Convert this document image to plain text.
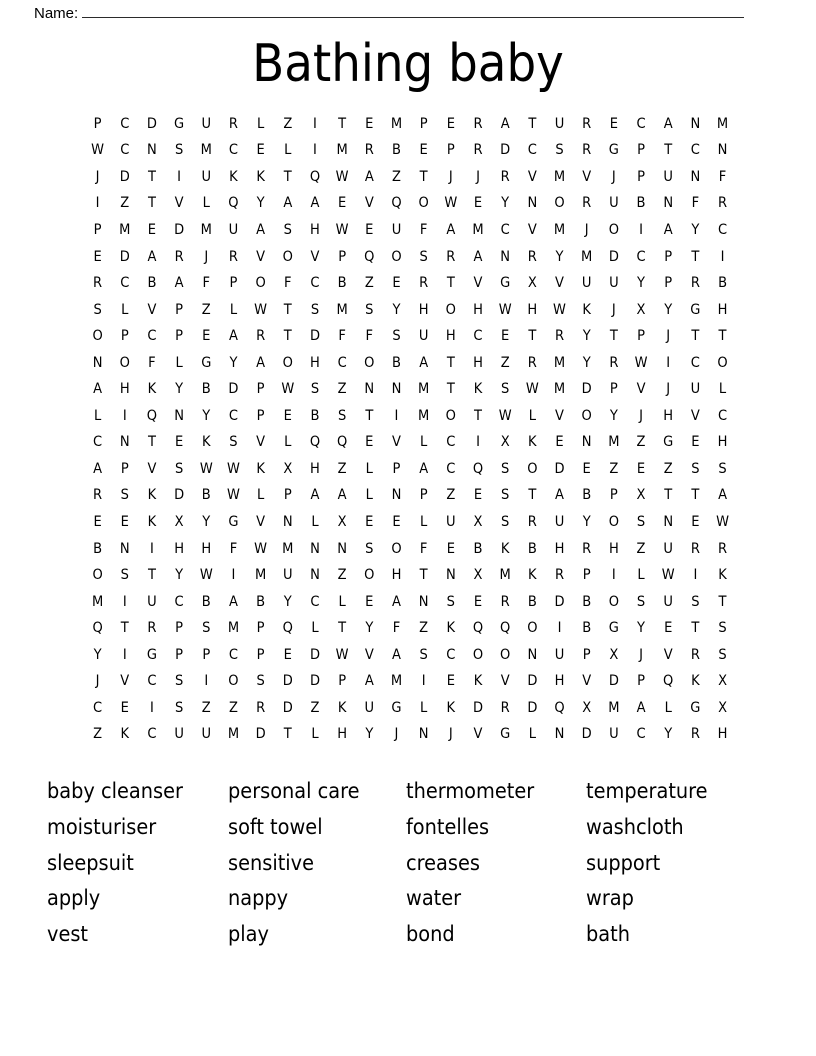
Name:
Bathing baby
P	C	D	G	U	R	L	Z	I	T	E	M	P	E	R	A	T	U	R	E	C	A	N	M
W	C	N	S	M	C	E	L	I	M	R	B	E	P	R	D	C	S	R	G	P	T	C	N
J	D	T	I	U	K	K	T	Q	W	A	Z	T	J	J	R	V	M	V	J	P	U	N	F
I	Z	T	V	L	Q	Y	A	A	E	V	Q	O	W	E	Y	N	O	R	U	B	N	F	R
P	M	E	D	M	U	A	S	H	W	E	U	F	A	M	C	V	M	J	O	I	A	Y	C
E	D	A	R	J	R	V	O	V	P	Q	O	S	R	A	N	R	Y	M	D	C	P	T	I
R	C	B	A	F	P	O	F	C	B	Z	E	R	T	V	G	X	V	U	U	Y	P	R	B
S	L	V	P	Z	L	W	T	S	M	S	Y	H	O	H	W	H	W	K	J	X	Y	G	H
O	P	C	P	E	A	R	T	D	F	F	S	U	H	C	E	T	R	Y	T	P	J	T	T
N	O	F	L	G	Y	A	O	H	C	O	B	A	T	H	Z	R	M	Y	R	W	I	C	O
A	H	K	Y	B	D	P	W	S	Z	N	N	M	T	K	S	W	M	D	P	V	J	U	L
L	I	Q	N	Y	C	P	E	B	S	T	I	M	O	T	W	L	V	O	Y	J	H	V	C
C	N	T	E	K	S	V	L	Q	Q	E	V	L	C	I	X	K	E	N	M	Z	G	E	H
A	P	V	S	W W	K	X	H	Z	L	P	A	C	Q	S	O	D	E	Z	E	Z	S	S
R	S	K	D	B	W	L	P	A	A	L	N	P	Z	E	S	T	A	B	P	X	T	T	A
E	E	K	X	Y	G	V	N	L	X	E	E	L	U	X	S	R	U	Y	O	S	N	E	W
B	N	I	H	H	F	W	M	N	N	S	O	F	E	B	K	B	H	R	H	Z	U	R	R
O	S	T	Y	W	I	M	U	N	Z	O	H	T	N	X	M	K	R	P	I	L	W	I	K
M	I	U	C	B	A	B	Y	C	L	E	A	N	S	E	R	B	D	B	O	S	U	S	T
Q	T	R	P	S	M	P	Q	L	T	Y	F	Z	K	Q	Q	O	I	B	G	Y	E	T	S
Y	I	G	P	P	C	P	E	D	W	V	A	S	C	O	O	N	U	P	X	J	V	R	S
J	V	C	S	I	O	S	D	D	P	A	M	I	E	K	V	D	H	V	D	P	Q	K	X
C	E	I	S	Z	Z	R	D	Z	K	U	G	L	K	D	R	D	Q	X	M	A	L	G	X
Z	K	C	U	U	M	D	T	L	H	Y	J	N	J	V	G	L	N	D	U	C	Y	R	H
baby cleanser	personal care	thermometer	temperature
moisturiser	soft towel	fontelles	washcloth
sleepsuit	sensitive	creases	support
apply	nappy	water	wrap
vest	play	bond	bath
